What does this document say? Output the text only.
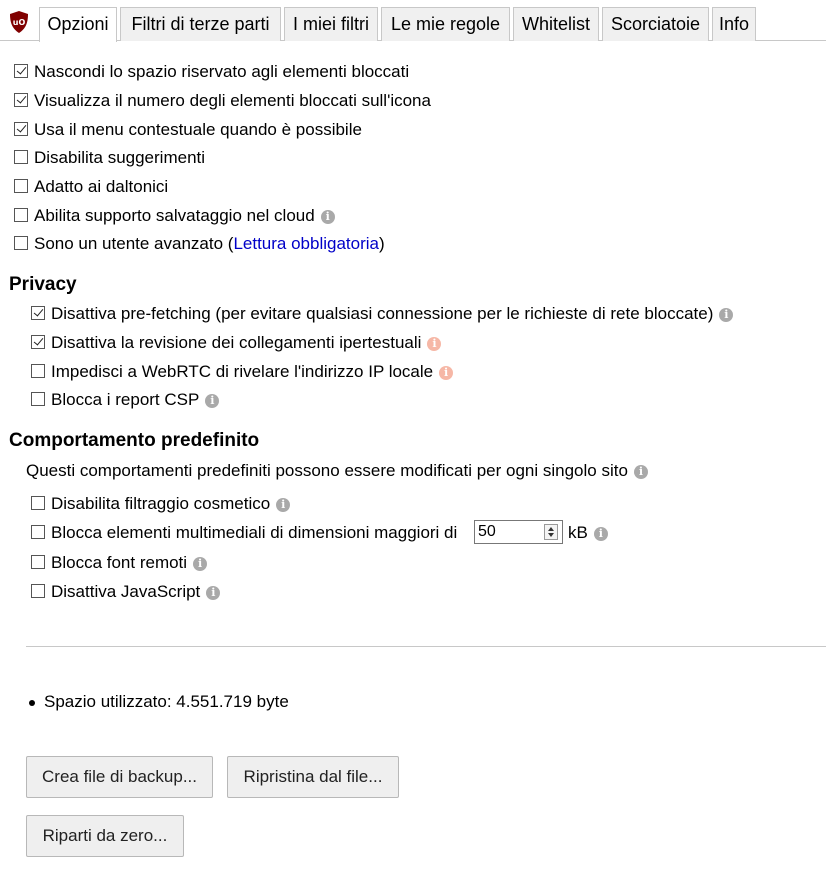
uO	Opzioni	Filtri di terze parti	I miei filtri	Le mie regole	Whitelist	Scorciatoie	Info
Nascondi lo spazio riservato agli elementi bloccati
Visualizza il numero degli elementi bloccati sull'icona
Usa il menu contestuale quando è possibile
Disabilita suggerimenti
Adatto ai daltonici
Abilita supporto salvataggio nel cloud i
Sono un utente avanzato (Lettura obbligatoria)
Privacy
Disattiva pre-fetching (per evitare qualsiasi connessione per le richieste di rete bloccate) i
Disattiva la revisione dei collegamenti ipertestuali i
Impedisci a WebRTC di rivelare l'indirizzo IP locale i
Blocca i report CSP i
Comportamento predefinito
Questi comportamenti predefiniti possono essere modificati per ogni singolo sito i
Disabilita filtraggio cosmetico i
Blocca elementi multimediali di dimensioni maggiori di 50	kB i
Blocca font remoti i
Disattiva JavaScript i
Spazio utilizzato: 4.551.719 byte
Crea file di backup...	Ripristina dal file...
Riparti da zero...
